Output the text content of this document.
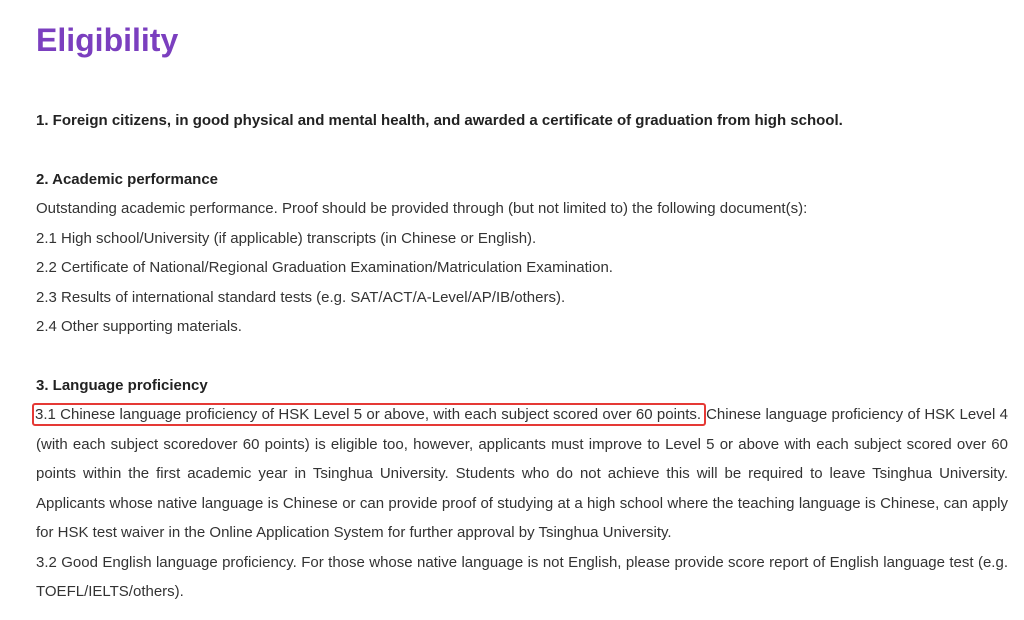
Eligibility

1. Foreign citizens, in good physical and mental health, and awarded a certificate of graduation from high school.

2. Academic performance

Outstanding academic performance. Proof should be provided through (but not limited to) the following document(s):

2.1 High school/University (if applicable) transcripts (in Chinese or English).

2.2 Certificate of National/Regional Graduation Examination/Matriculation Examination.

2.3 Results of international standard tests (e.g. SAT/ACT/A-Level/AP/IB/others).

2.4 Other supporting materials.

3. Language proficiency

3.1 Chinese language proficiency of HSK Level 5 or above, with each subject scored over 60 points. Chinese language proficiency of HSK Level 4 (with each subject scoredover 60 points) is eligible too, however, applicants must improve to Level 5 or above with each subject scored over 60 points within the first academic year in Tsinghua University. Students who do not achieve this will be required to leave Tsinghua University. Applicants whose native language is Chinese or can provide proof of studying at a high school where the teaching language is Chinese, can apply for HSK test waiver in the Online Application System for further approval by Tsinghua University.

3.2 Good English language proficiency. For those whose native language is not English, please provide score report of English language test (e.g. TOEFL/IELTS/others).
